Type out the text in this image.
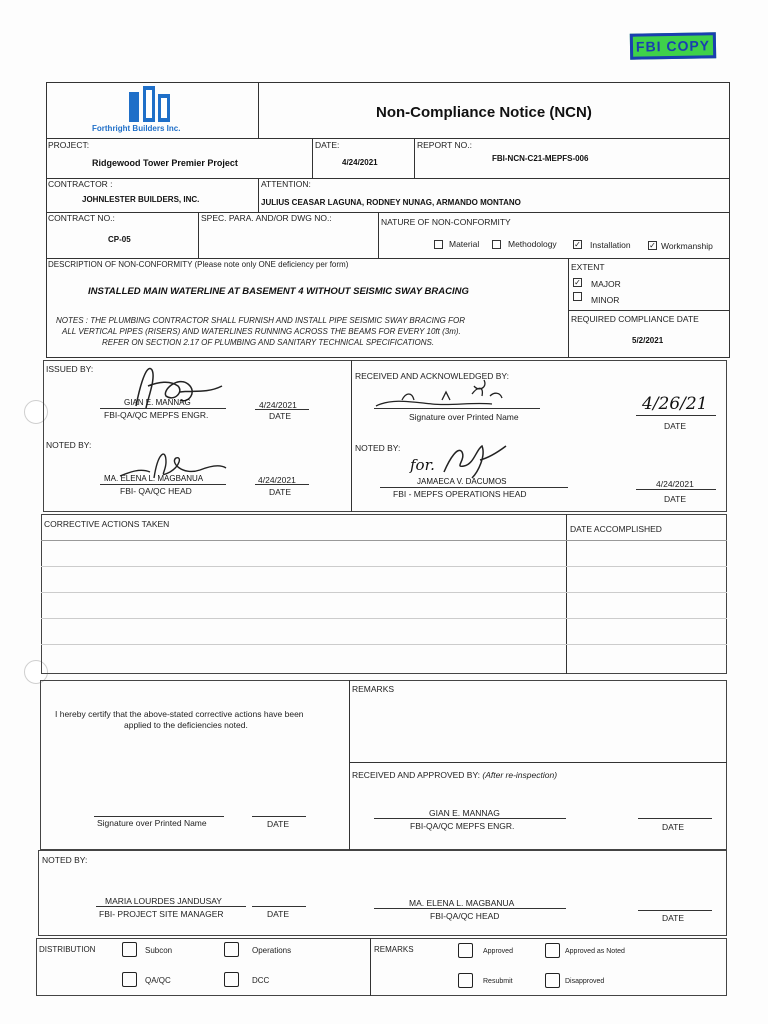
FBI COPY
Forthright Builders Inc.
Non-Compliance Notice (NCN)
PROJECT:
Ridgewood Tower Premier Project
DATE:
4/24/2021
REPORT NO.:
FBI-NCN-C21-MEPFS-006
CONTRACTOR :
JOHNLESTER BUILDERS, INC.
ATTENTION:
JULIUS CEASAR LAGUNA, RODNEY NUNAG, ARMANDO MONTANO
CONTRACT NO.:
CP-05
SPEC. PARA. AND/OR DWG NO.:	NATURE OF NON-CONFORMITY
Material	Methodology ✓ Installation ✓ Workmanship
DESCRIPTION OF NON-CONFORMITY (Please note only ONE deficiency per form)
INSTALLED MAIN WATERLINE AT BASEMENT 4 WITHOUT SEISMIC SWAY BRACING
NOTES : THE PLUMBING CONTRACTOR SHALL FURNISH AND INSTALL PIPE SEISMIC SWAY BRACING FOR
ALL VERTICAL PIPES (RISERS) AND WATERLINES RUNNING ACROSS THE BEAMS FOR EVERY 10ft (3m).
REFER ON SECTION 2.17 OF PLUMBING AND SANITARY TECHNICAL SPECIFICATIONS.
EXTENT
✓ MAJOR
MINOR
REQUIRED COMPLIANCE DATE
5/2/2021
ISSUED BY:
GIAN E. MANNAG
FBI-QA/QC MEPFS ENGR.
4/24/2021
DATE
RECEIVED AND ACKNOWLEDGED BY:
Signature over Printed Name
4/26/21
DATE
NOTED BY:
MA. ELENA L. MAGBANUA
FBI- QA/QC HEAD
4/24/2021
DATE
NOTED BY:
for.
JAMAECA V. DACUMOS
FBI - MEPFS OPERATIONS HEAD
4/24/2021
DATE
CORRECTIVE ACTIONS TAKEN	DATE ACCOMPLISHED
I hereby certify that the above-stated corrective actions have been
applied to the deficiencies noted.
Signature over Printed Name	DATE
REMARKS
RECEIVED AND APPROVED BY: (After re-inspection)
GIAN E. MANNAG
FBI-QA/QC MEPFS ENGR.	DATE
NOTED BY:
MARIA LOURDES JANDUSAY
FBI- PROJECT SITE MANAGER	DATE
MA. ELENA L. MAGBANUA
FBI-QA/QC HEAD	DATE
DISTRIBUTION	Subcon	Operations
QA/QC	DCC
REMARKS	Approved	Approved as Noted
Resubmit	Disapproved
